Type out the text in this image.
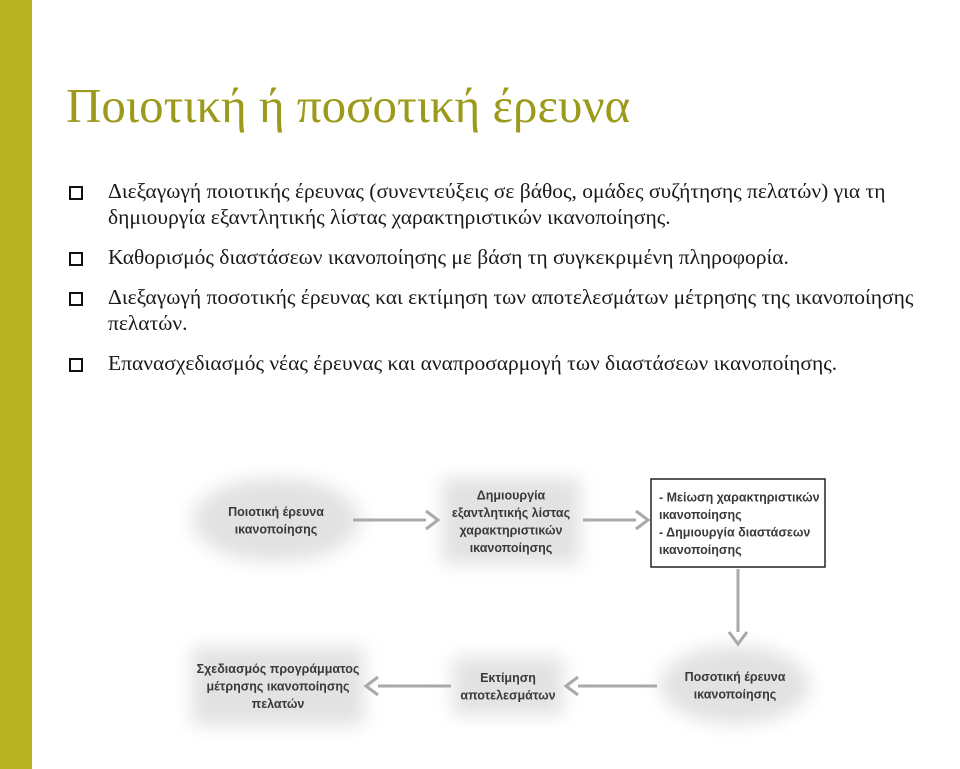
Ποιοτική ή ποσοτική έρευνα
Διεξαγωγή ποιοτικής έρευνας (συνεντεύξεις σε βάθος, ομάδες συζήτησης πελατών) για τη δημιουργία εξαντλητικής λίστας χαρακτηριστικών ικανοποίησης.
Καθορισμός διαστάσεων ικανοποίησης με βάση τη συγκεκριμένη πληροφορία.
Διεξαγωγή ποσοτικής έρευνας και εκτίμηση των αποτελεσμάτων μέτρησης της ικανοποίησης πελατών.
Επανασχεδιασμός νέας έρευνας και αναπροσαρμογή των διαστάσεων ικανοποίησης.
Ποιοτική έρευνα
ικανοποίησης
Δημιουργία
εξαντλητικής λίστας
χαρακτηριστικών
ικανοποίησης
- Μείωση χαρακτηριστικών
ικανοποίησης
- Δημιουργία διαστάσεων
ικανοποίησης
Ποσοτική έρευνα
ικανοποίησης
Εκτίμηση
αποτελεσμάτων
Σχεδιασμός προγράμματος
μέτρησης ικανοποίησης
πελατών
